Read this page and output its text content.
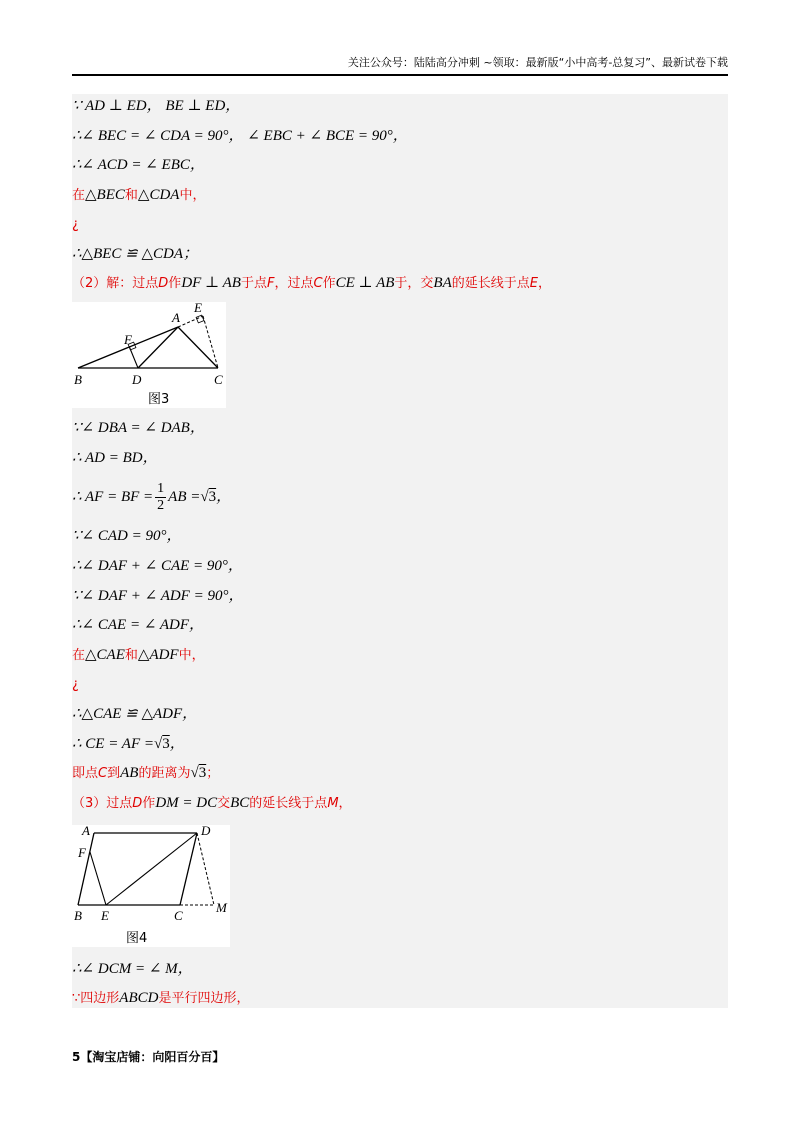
关注公众号：陆陆高分冲刺 ~领取：最新版“小中高考-总复习”、最新试卷下载
∵ AD ⊥ ED， BE ⊥ ED，
∴∠ BEC = ∠ CDA = 90°， ∠ EBC + ∠ BCE = 90°，
∴∠ ACD = ∠ EBC，
在△BEC和△CDA中，
¿
∴△BEC ≌ △CDA；
（2）解：过点D作DF ⊥ AB于点F，过点C作CE ⊥ AB于，交BA的延长线于点E，
B	D	C
A
E
F
图3
∵∠ DBA = ∠ DAB，
∴ AD = BD，
∴ AF = BF = $\frac{1}{2}$ AB =√3，
∵∠ CAD = 90°，
∴∠ DAF + ∠ CAE = 90°，
∵∠ DAF + ∠ ADF = 90°，
∴∠ CAE = ∠ ADF，
在△CAE和△ADF中，
¿
∴△CAE ≌ △ADF，
∴ CE = AF =√3，
即点C到AB的距离为√3；
（3）过点D作DM = DC交BC的延长线于点M，
A	D
F
B E	C
M
图4
∴∠ DCM = ∠ M，
∵四边形ABCD是平行四边形，
5【淘宝店铺：向阳百分百】
